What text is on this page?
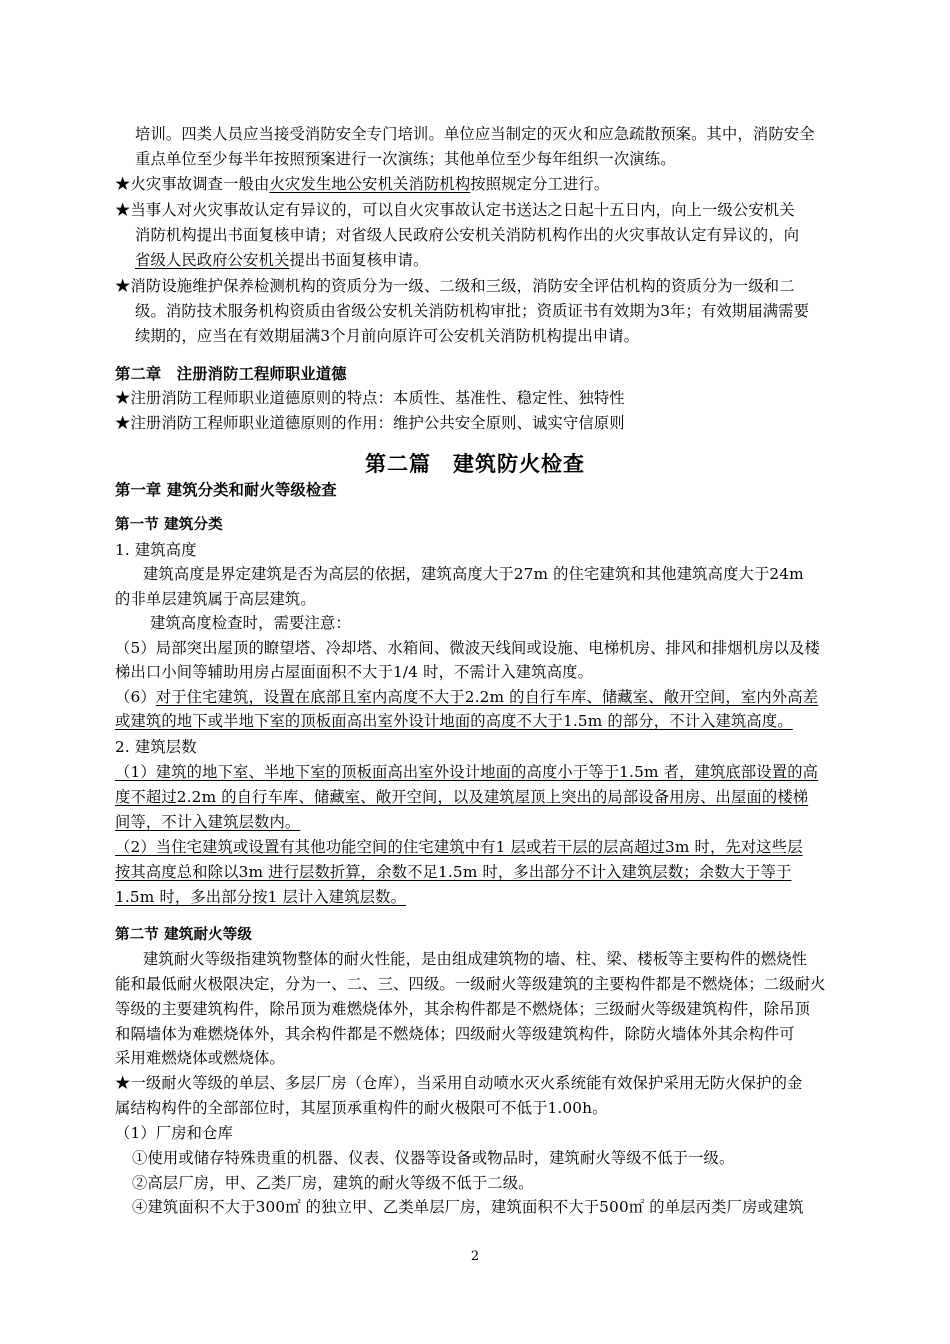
培训。四类人员应当接受消防安全专门培训。单位应当制定的灭火和应急疏散预案。其中，消防安全
重点单位至少每半年按照预案进行一次演练；其他单位至少每年组织一次演练。
★火灾事故调查一般由火灾发生地公安机关消防机构按照规定分工进行。
★当事人对火灾事故认定有异议的，可以自火灾事故认定书送达之日起十五日内，向上一级公安机关
消防机构提出书面复核申请；对省级人民政府公安机关消防机构作出的火灾事故认定有异议的，向
省级人民政府公安机关提出书面复核申请。
★消防设施维护保养检测机构的资质分为一级、二级和三级，消防安全评估机构的资质分为一级和二
级。消防技术服务机构资质由省级公安机关消防机构审批；资质证书有效期为3年；有效期届满需要
续期的，应当在有效期届满3个月前向原许可公安机关消防机构提出申请。
第二章　注册消防工程师职业道德
★注册消防工程师职业道德原则的特点：本质性、基准性、稳定性、独特性
★注册消防工程师职业道德原则的作用：维护公共安全原则、诚实守信原则
第二篇　建筑防火检查
第一章 建筑分类和耐火等级检查
第一节 建筑分类
1. 建筑高度
建筑高度是界定建筑是否为高层的依据，建筑高度大于27m 的住宅建筑和其他建筑高度大于24m
的非单层建筑属于高层建筑。
建筑高度检查时，需要注意：
（5）局部突出屋顶的瞭望塔、冷却塔、水箱间、微波天线间或设施、电梯机房、排风和排烟机房以及楼
梯出口小间等辅助用房占屋面面积不大于1/4 时，不需计入建筑高度。
（6）对于住宅建筑，设置在底部且室内高度不大于2.2m 的自行车库、储藏室、敞开空间，室内外高差
或建筑的地下或半地下室的顶板面高出室外设计地面的高度不大于1.5m 的部分，不计入建筑高度。
2. 建筑层数
（1）建筑的地下室、半地下室的顶板面高出室外设计地面的高度小于等于1.5m 者，建筑底部设置的高
度不超过2.2m 的自行车库、储藏室、敞开空间，以及建筑屋顶上突出的局部设备用房、出屋面的楼梯
间等，不计入建筑层数内。
（2）当住宅建筑或设置有其他功能空间的住宅建筑中有1 层或若干层的层高超过3m 时，先对这些层
按其高度总和除以3m 进行层数折算，余数不足1.5m 时，多出部分不计入建筑层数；余数大于等于
1.5m 时，多出部分按1 层计入建筑层数。
第二节 建筑耐火等级
建筑耐火等级指建筑物整体的耐火性能，是由组成建筑物的墙、柱、梁、楼板等主要构件的燃烧性
能和最低耐火极限决定，分为一、二、三、四级。一级耐火等级建筑的主要构件都是不燃烧体；二级耐火
等级的主要建筑构件，除吊顶为难燃烧体外，其余构件都是不燃烧体；三级耐火等级建筑构件，除吊顶
和隔墙体为难燃烧体外，其余构件都是不燃烧体；四级耐火等级建筑构件，除防火墙体外其余构件可
采用难燃烧体或燃烧体。
★一级耐火等级的单层、多层厂房（仓库），当采用自动喷水灭火系统能有效保护采用无防火保护的金
属结构构件的全部部位时，其屋顶承重构件的耐火极限可不低于1.00h。
（1）厂房和仓库
①使用或储存特殊贵重的机器、仪表、仪器等设备或物品时，建筑耐火等级不低于一级。
②高层厂房，甲、乙类厂房，建筑的耐火等级不低于二级。
④建筑面积不大于300㎡ 的独立甲、乙类单层厂房，建筑面积不大于500㎡ 的单层丙类厂房或建筑
2
